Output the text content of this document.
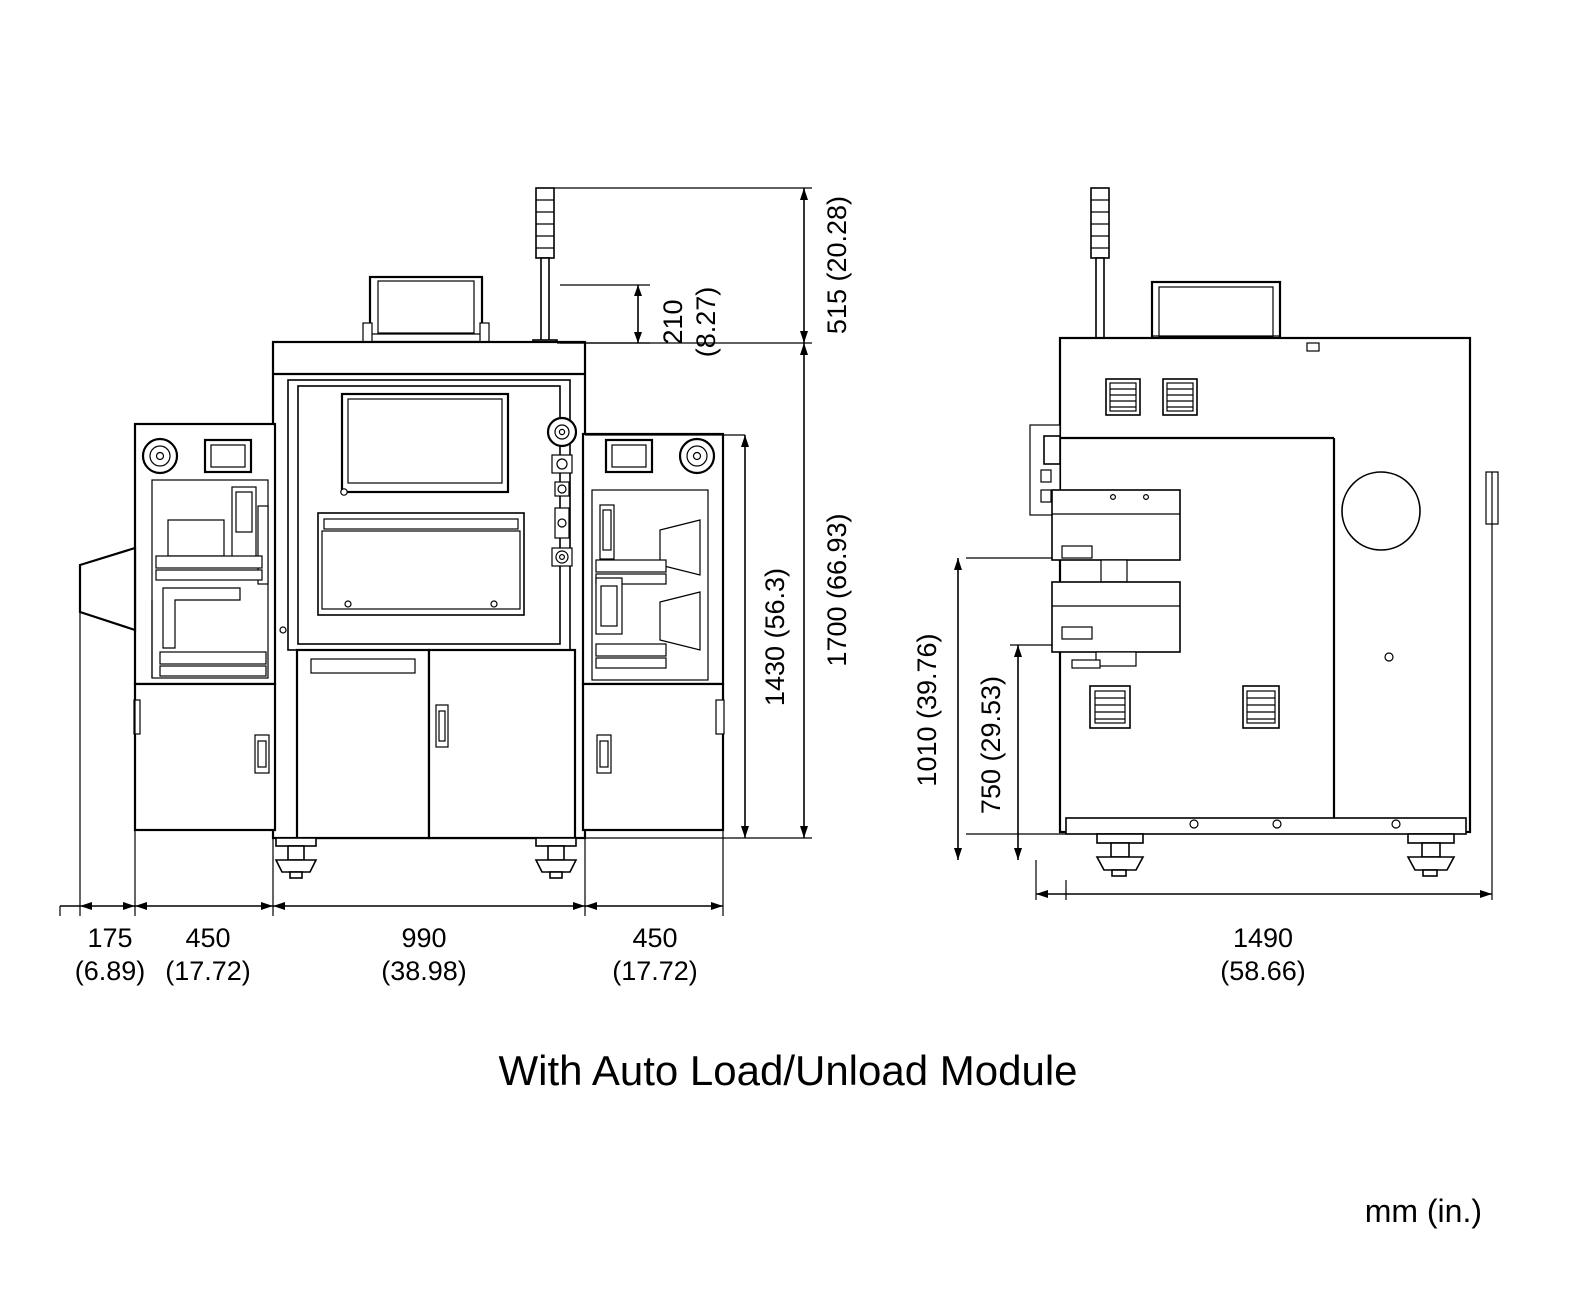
210 (8.27)	515 (20.28)
1430 (56.3) 1700 (66.93)
175
(6.89)
450
(17.72)
990
(38.98)
450
(17.72)
1010 (39.76) 750 (29.53)
1490
(58.66)
With Auto Load/Unload Module
mm (in.)
